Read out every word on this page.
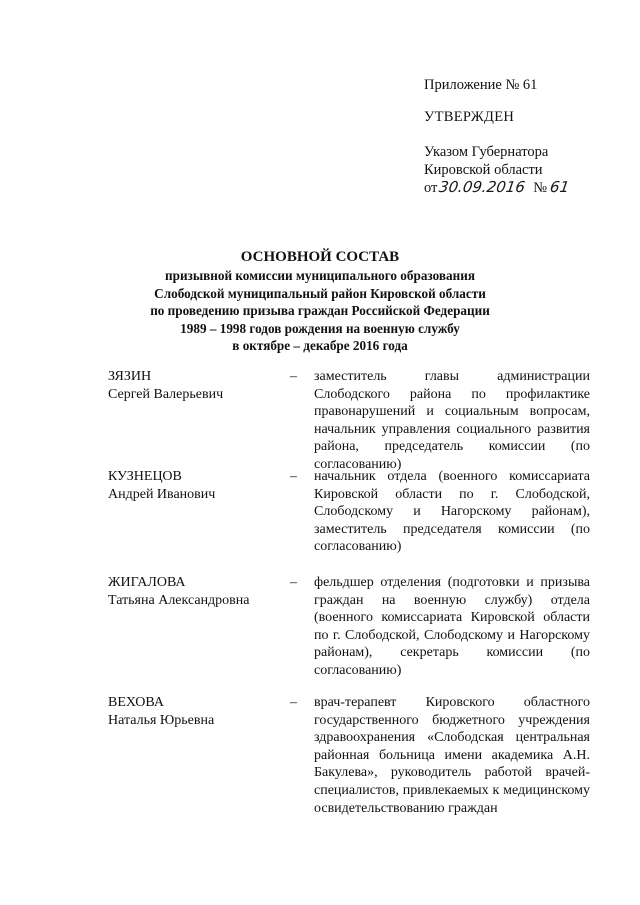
Приложение № 61
УТВЕРЖДЕН
Указом Губернатора
Кировской области
от30.09.2016 № 61
ОСНОВНОЙ СОСТАВ
призывной комиссии муниципального образования
Слободской муниципальный район Кировской области
по проведению призыва граждан Российской Федерации
1989 – 1998 годов рождения на военную службу
в октябре – декабре 2016 года
ЗЯЗИН
Сергей Валерьевич
–	заместитель главы администрации Слободского района по профилактике правонарушений и социальным вопросам, начальник управления социального развития района, председатель комиссии (по согласованию)
КУЗНЕЦОВ
Андрей Иванович
–	начальник отдела (военного комиссариата Кировской области по г. Слободской, Слободскому и Нагорскому районам), заместитель председателя комиссии (по согласованию)
ЖИГАЛОВА
Татьяна Александровна
–	фельдшер отделения (подготовки и призыва граждан на военную службу) отдела (военного комиссариата Кировской области по г. Слободской, Слободскому и Нагорскому районам), секретарь комиссии (по согласованию)
ВЕХОВА
Наталья Юрьевна
–	врач-терапевт Кировского областного государственного бюджетного учреждения здравоохранения «Слободская центральная районная больница имени академика А.Н. Бакулева», руководитель работой врачей-специалистов, привлекаемых к медицинскому освидетельствованию граждан
